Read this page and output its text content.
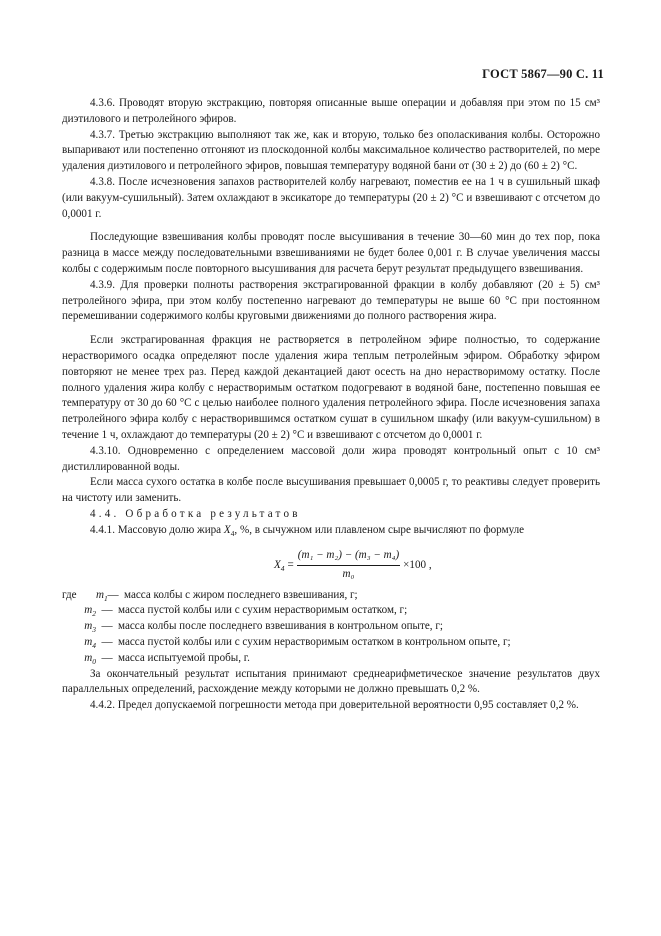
ГОСТ 5867—90 С. 11

4.3.6. Проводят вторую экстракцию, повторяя описанные выше операции и добавляя при этом по 15 см³ диэтилового и петролейного эфиров.

4.3.7. Третью экстракцию выполняют так же, как и вторую, только без ополаскивания колбы. Осторожно выпаривают или постепенно отгоняют из плоскодонной колбы максимальное количество растворителей, по мере удаления диэтилового и петролейного эфиров, повышая температуру водяной бани от (30 ± 2) до (60 ± 2) °С.

4.3.8. После исчезновения запахов растворителей колбу нагревают, поместив ее на 1 ч в сушильный шкаф (или вакуум-сушильный). Затем охлаждают в эксикаторе до температуры (20 ± 2) °С и взвешивают с отсчетом до 0,0001 г.

Последующие взвешивания колбы проводят после высушивания в течение 30—60 мин до тех пор, пока разница в массе между последовательными взвешиваниями не будет более 0,001 г. В случае увеличения массы колбы с содержимым после повторного высушивания для расчета берут результат предыдущего взвешивания.

4.3.9. Для проверки полноты растворения экстрагированной фракции в колбу добавляют (20 ± 5) см³ петролейного эфира, при этом колбу постепенно нагревают до температуры не выше 60 °С при постоянном перемешивании содержимого колбы круговыми движениями до полного растворения жира.

Если экстрагированная фракция не растворяется в петролейном эфире полностью, то содержание нерастворимого осадка определяют после удаления жира теплым петролейным эфиром. Обработку эфиром повторяют не менее трех раз. Перед каждой декантацией дают осесть на дно нерастворимому остатку. После полного удаления жира колбу с нерастворимым остатком подогревают в водяной бане, постепенно повышая ее температуру от 30 до 60 °С с целью наиболее полного удаления петролейного эфира. После исчезновения запаха петролейного эфира колбу с нерастворившимся остатком сушат в сушильном шкафу (или вакуум-сушильном) в течение 1 ч, охлаждают до температуры (20 ± 2) °С и взвешивают с отсчетом до 0,0001 г.

4.3.10. Одновременно с определением массовой доли жира проводят контрольный опыт с 10 см³ дистиллированной воды.

Если масса сухого остатка в колбе после высушивания превышает 0,0005 г, то реактивы следует проверить на чистоту или заменить.

4.4. Обработка результатов

4.4.1. Массовую долю жира $X_4$, %, в сычужном или плавленом сыре вычисляют по формуле

$X_4 = \frac{\text{(m₁ − m₂) − (m₃ − m₄)}}{\text{m₀}} \times 100$ ,
где	$m_1$ — масса колбы с жиром последнего взвешивания, г;
$m_2$ — масса пустой колбы или с сухим нерастворимым остатком, г;
$m_3$ — масса колбы после последнего взвешивания в контрольном опыте, г;
$m_4$ — масса пустой колбы или с сухим нерастворимым остатком в контрольном опыте, г;
$m_0$ — масса испытуемой пробы, г.

За окончательный результат испытания принимают среднеарифметическое значение результатов двух параллельных определений, расхождение между которыми не должно превышать 0,2 %.

4.4.2. Предел допускаемой погрешности метода при доверительной вероятности 0,95 составляет 0,2 %.
